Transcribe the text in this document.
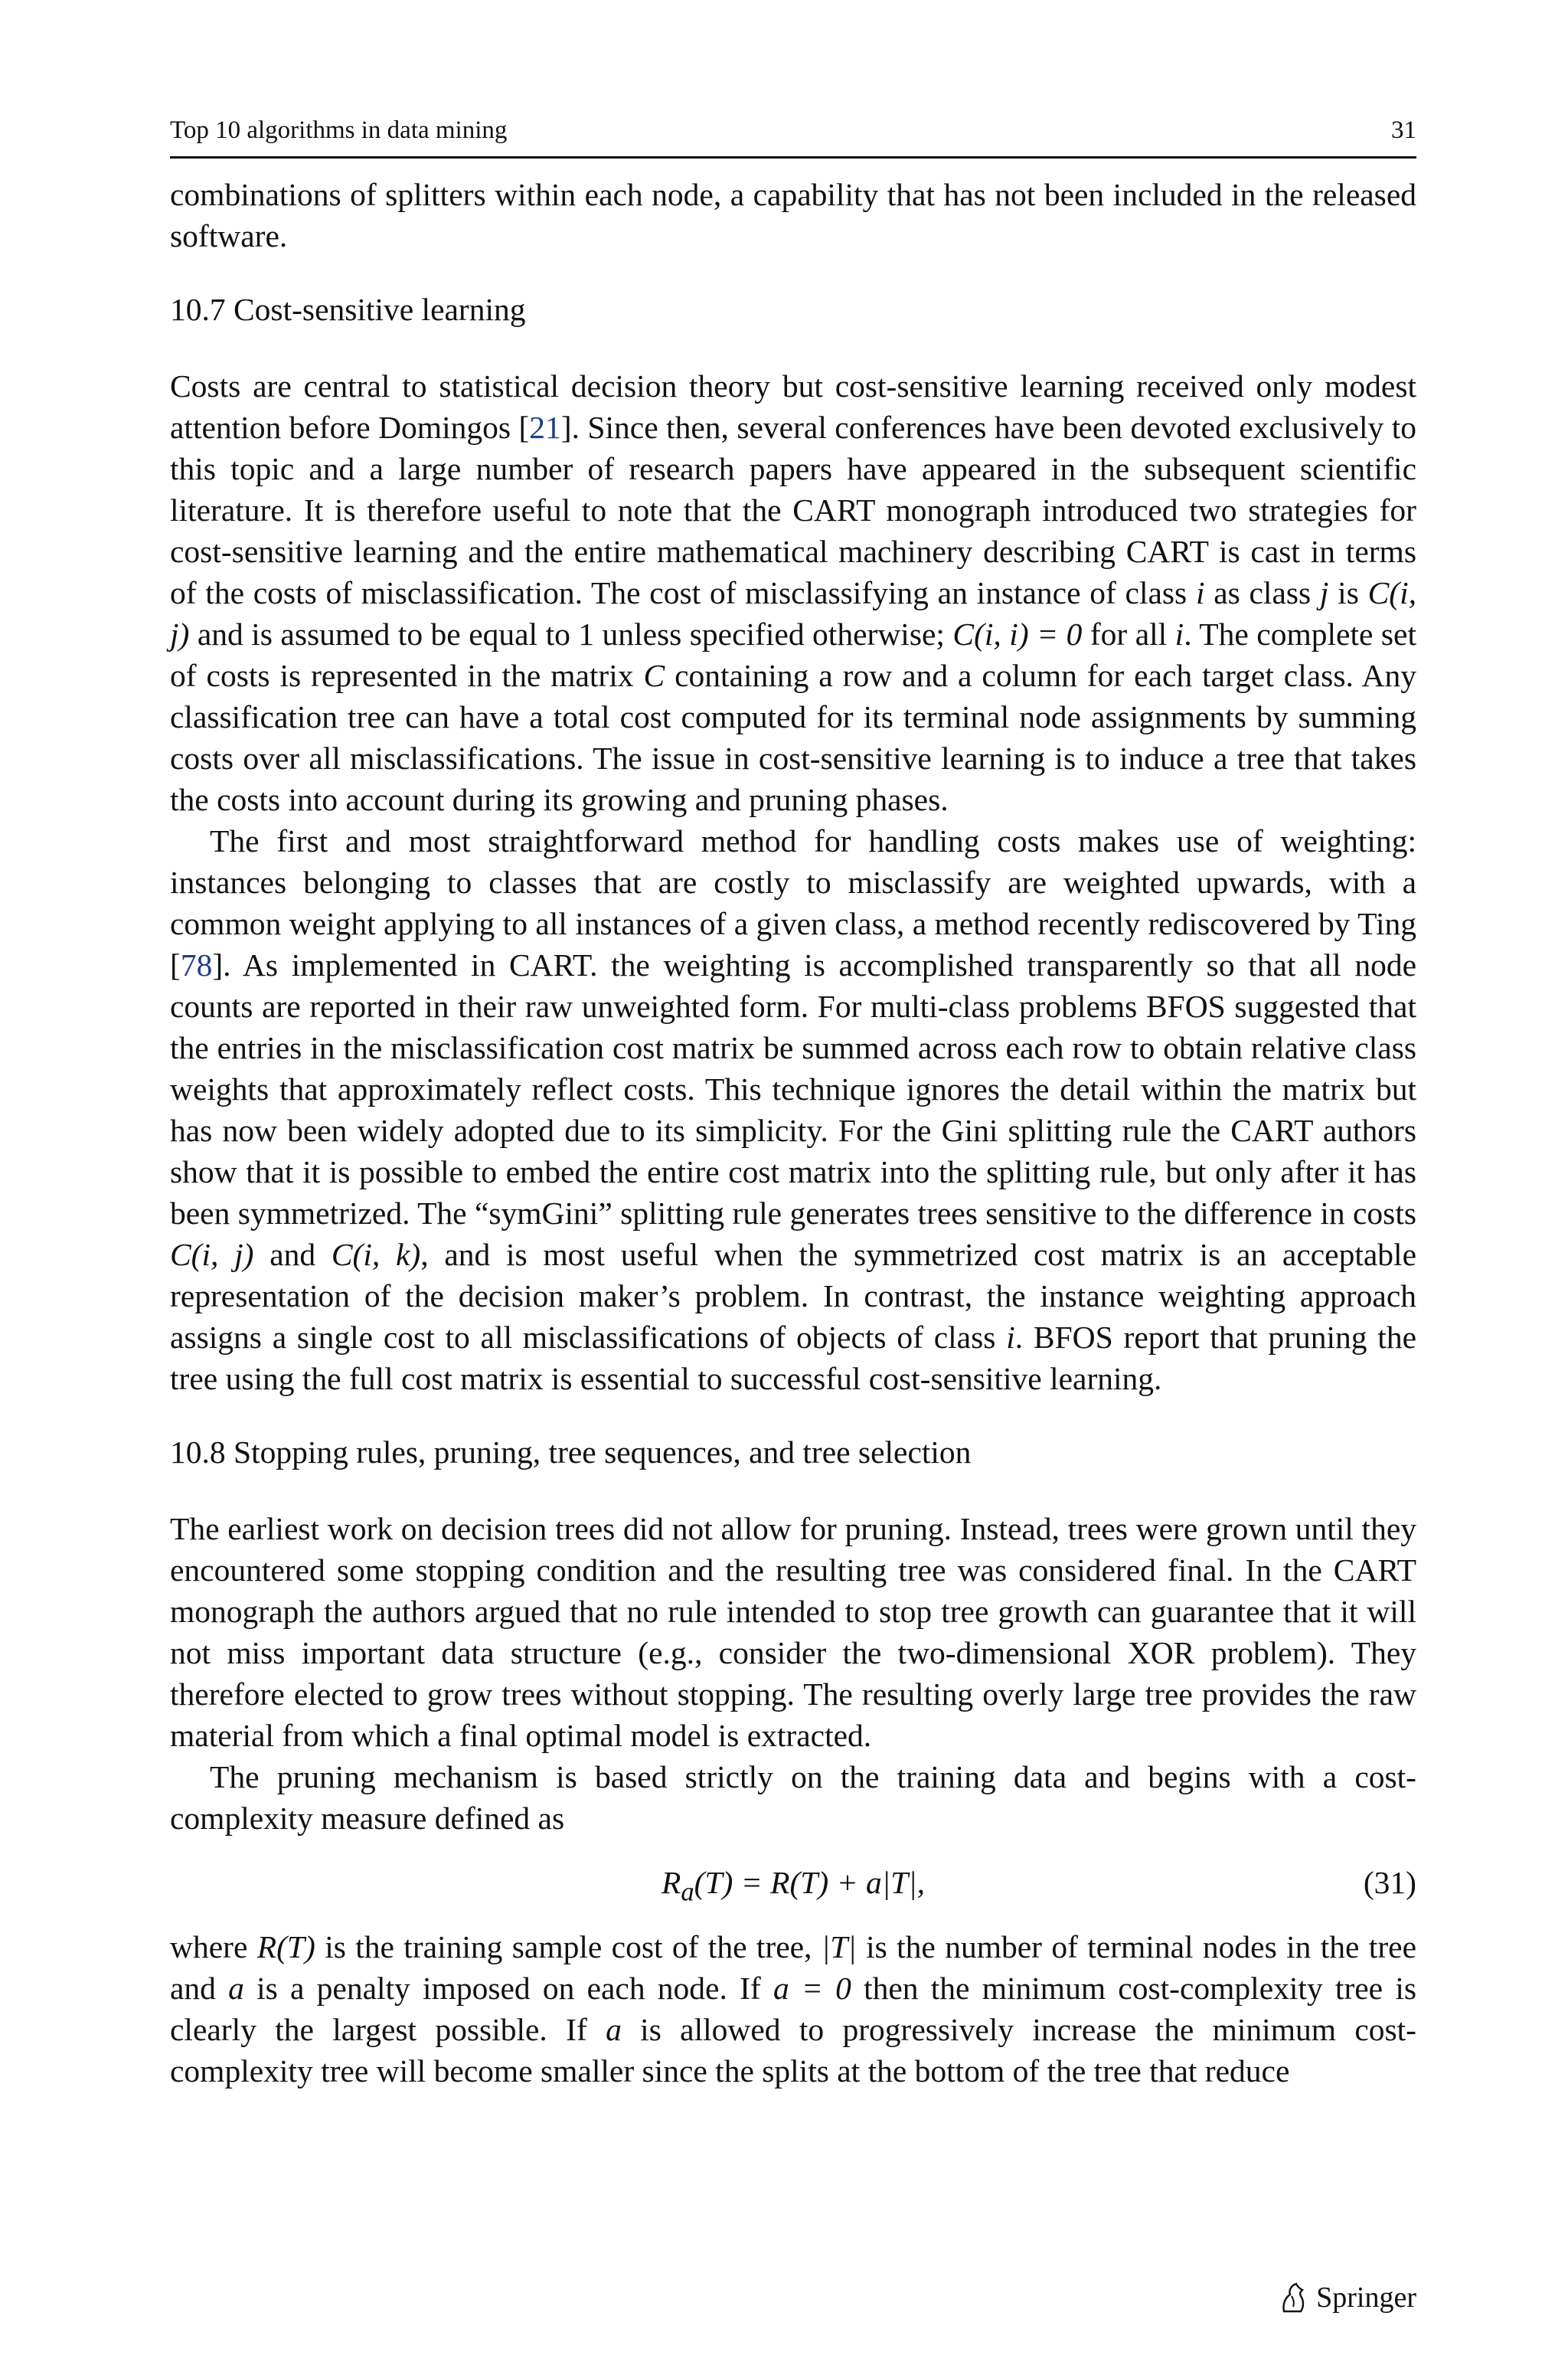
Top 10 algorithms in data mining	31

combinations of splitters within each node, a capability that has not been included in the released software.

10.7 Cost-sensitive learning

Costs are central to statistical decision theory but cost-sensitive learning received only modest attention before Domingos [21]. Since then, several conferences have been devoted exclusively to this topic and a large number of research papers have appeared in the subsequent scientific literature. It is therefore useful to note that the CART monograph introduced two strategies for cost-sensitive learning and the entire mathematical machinery describing CART is cast in terms of the costs of misclassification. The cost of misclassifying an instance of class i as class j is C(i, j) and is assumed to be equal to 1 unless specified otherwise; C(i, i) = 0 for all i. The complete set of costs is represented in the matrix C containing a row and a column for each target class. Any classification tree can have a total cost computed for its terminal node assignments by summing costs over all misclassifications. The issue in cost-sensitive learning is to induce a tree that takes the costs into account during its growing and pruning phases.

The first and most straightforward method for handling costs makes use of weighting: instances belonging to classes that are costly to misclassify are weighted upwards, with a common weight applying to all instances of a given class, a method recently rediscovered by Ting [78]. As implemented in CART. the weighting is accomplished transparently so that all node counts are reported in their raw unweighted form. For multi-class problems BFOS suggested that the entries in the misclassification cost matrix be summed across each row to obtain relative class weights that approximately reflect costs. This technique ignores the detail within the matrix but has now been widely adopted due to its simplicity. For the Gini splitting rule the CART authors show that it is possible to embed the entire cost matrix into the splitting rule, but only after it has been symmetrized. The “symGini” splitting rule generates trees sensitive to the difference in costs C(i, j) and C(i, k), and is most useful when the symmetrized cost matrix is an acceptable representation of the decision maker’s problem. In contrast, the instance weighting approach assigns a single cost to all misclassifications of objects of class i. BFOS report that pruning the tree using the full cost matrix is essential to successful cost-sensitive learning.

10.8 Stopping rules, pruning, tree sequences, and tree selection

The earliest work on decision trees did not allow for pruning. Instead, trees were grown until they encountered some stopping condition and the resulting tree was considered final. In the CART monograph the authors argued that no rule intended to stop tree growth can guarantee that it will not miss important data structure (e.g., consider the two-dimensional XOR problem). They therefore elected to grow trees without stopping. The resulting overly large tree provides the raw material from which a final optimal model is extracted.

The pruning mechanism is based strictly on the training data and begins with a cost-complexity measure defined as

$R_a(T) = R(T) + a|T|$,	(31)

where R(T) is the training sample cost of the tree, |T| is the number of terminal nodes in the tree and a is a penalty imposed on each node. If a = 0 then the minimum cost-complexity tree is clearly the largest possible. If a is allowed to progressively increase the minimum cost-complexity tree will become smaller since the splits at the bottom of the tree that reduce

Springer
